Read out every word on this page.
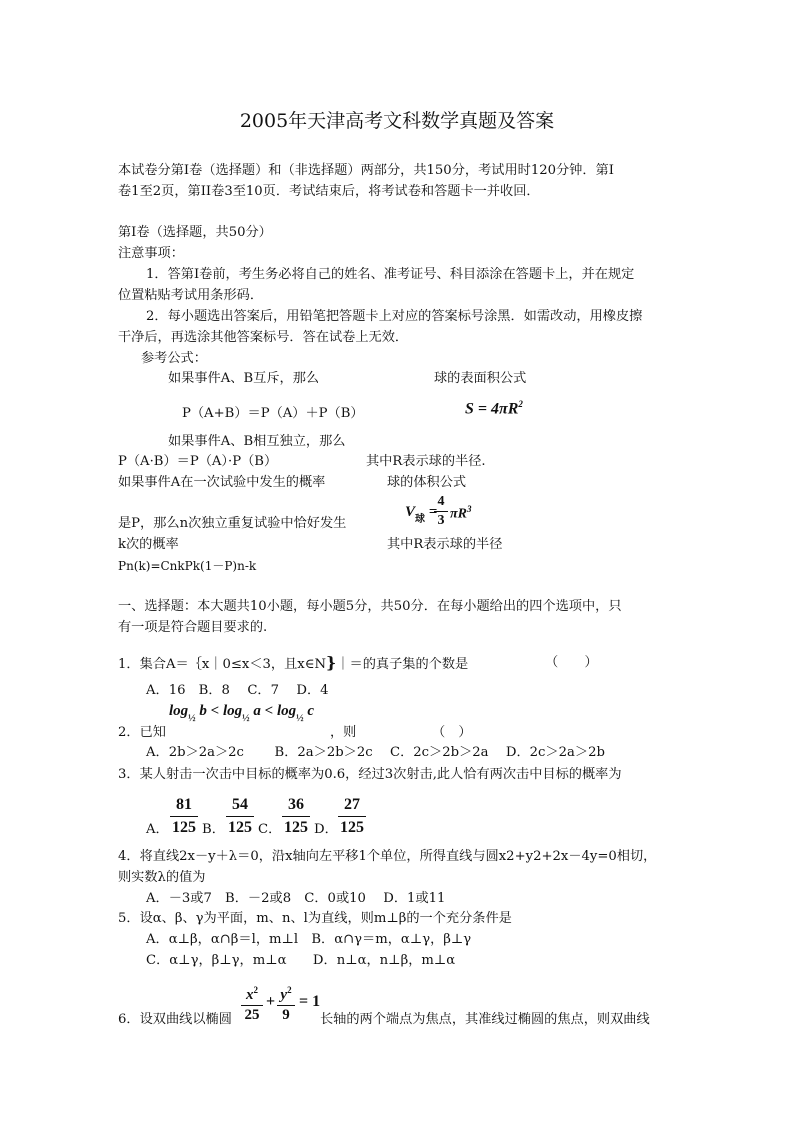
2005年天津高考文科数学真题及答案
本试卷分第Ⅰ卷（选择题）和（非选择题）两部分，共150分，考试用时120分钟．第Ⅰ
卷1至2页，第II卷3至10页．考试结束后，将考试卷和答题卡一并收回．
第Ⅰ卷（选择题，共50分）
注意事项：
1．答第Ⅰ卷前，考生务必将自己的姓名、准考证号、科目添涂在答题卡上，并在规定
位置粘贴考试用条形码．
2．每小题选出答案后，用铅笔把答题卡上对应的答案标号涂黑．如需改动，用橡皮擦
干净后，再选涂其他答案标号．答在试卷上无效．
参考公式：
如果事件A、B互斥，那么	球的表面积公式
P（A+B）＝P（A）＋P（B）	$S = 4\pi R^2$
如果事件A、B相互独立，那么
P（A·B）＝P（A）·P（B）	其中R表示球的半径.
如果事件A在一次试验中发生的概率	球的体积公式
$V_球$ =
4
3 $\pi R^3$
是P，那么n次独立重复试验中恰好发生
k次的概率	其中R表示球的半径
Pn(k)=CnkPk(1－P)n-k
一、选择题：本大题共10小题，每小题5分，共50分．在每小题给出的四个选项中，只
有一项是符合题目要求的.
1．集合A＝｛x｜0≤x＜3，且x∈N}｜＝的真子集的个数是	（　　）
A．16　B．8　 C．7　 D．4
$\log_{\frac{1}{2}} b < \log_{\frac{1}{2}} a < \log_{\frac{1}{2}} c$
2．已知	，则	（　）
A．2b＞2a＞2c　　 B．2a＞2b＞2c　 C．2c＞2b＞2a　 D．2c＞2a＞2b
3．某人射击一次击中目标的概率为0.6，经过3次射击,此人恰有两次击中目标的概率为
A．
81
125 B．
54
125 C．
36
125 D．
27
125
4．将直线2x－y＋λ＝0，沿x轴向左平移1个单位，所得直线与圆x2+y2+2x－4y=0相切，
则实数λ的值为
A．－3或7　B．－2或8　C．0或10　 D．1或11
5．设α、β、γ为平面，m、n、l为直线，则m⊥β的一个充分条件是
A．α⊥β，α∩β＝l，m⊥l　B．α∩γ＝m，α⊥γ，β⊥γ
C．α⊥γ，β⊥γ，m⊥α　　D．n⊥α，n⊥β，m⊥α
6．设双曲线以椭圆
$x^2$
25
+ $y^2$
9
= 1
长轴的两个端点为焦点，其准线过椭圆的焦点，则双曲线
